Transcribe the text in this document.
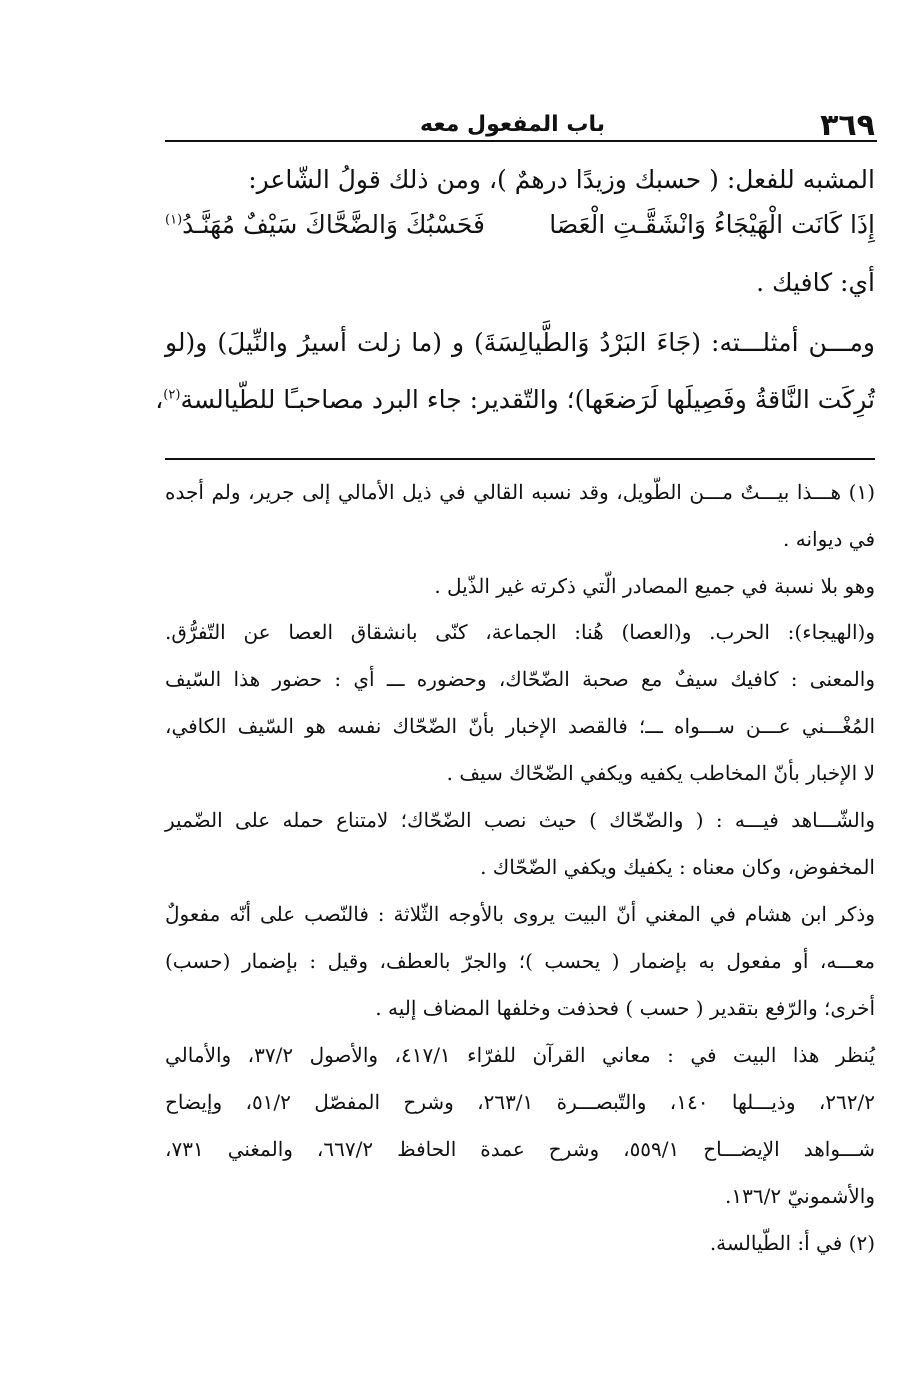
٣٦٩
باب المفعول معه
المشبه للفعل: ( حسبك وزيدًا درهمٌ )، ومن ذلك قولُ الشّاعر:
إِذَا كَانَت الْهَيْجَاءُ وَانْشَقَّـتِ الْعَصَا
فَحَسْبُكَ وَالضَّحَّاكَ سَيْفٌ مُهَنَّـدُ$^{(١)}$
أي: كافيك .
ومـــن أمثلـــته: (جَاءَ البَرْدُ وَالطَّيالِسَةَ) و (ما زلت أسيرُ والنِّيلَ) و(لو
تُرِكَت النَّاقةُ وفَصِيلَها لَرَضعَها)؛ والتّقدير: جاء البرد مصاحبـًا للطّيالسة$^{(٢)}$،
(١) هـــذا بيـــتٌ مـــن الطّويل، وقد نسبه القالي في ذيل الأمالي إلى جرير، ولم أجده
في ديوانه .
وهو بلا نسبة في جميع المصادر الّتي ذكرته غير الذّيل .
و(الهيجاء): الحرب. و(العصا) هُنا: الجماعة، كنّى بانشقاق العصا عن التّفرُّق.
والمعنى : كافيك سيفٌ مع صحبة الضّحّاك، وحضوره ـــ أي : حضور هذا السّيف
المُغْـــني عـــن ســـواه ـــ؛ فالقصد الإخبار بأنّ الضّحّاك نفسه هو السّيف الكافي،
لا الإخبار بأنّ المخاطب يكفيه ويكفي الضّحّاك سيف .
والشّـــاهد فيـــه : ( والضّحّاك ) حيث نصب الضّحّاك؛ لامتناع حمله على الضّمير
المخفوض، وكان معناه : يكفيك ويكفي الضّحّاك .
وذكر ابن هشام في المغني أنّ البيت يروى بالأوجه الثّلاثة : فالنّصب على أنّه مفعولٌ
معـــه، أو مفعول به بإضمار ( يحسب )؛ والجرّ بالعطف، وقيل : بإضمار (حسب)
أخرى؛ والرّفع بتقدير ( حسب ) فحذفت وخلفها المضاف إليه .
يُنظر هذا البيت في : معاني القرآن للفرّاء ٤١٧/١، والأصول ٣٧/٢، والأمالي
٢٦٢/٢، وذيـــلها ١٤٠، والتّبصـــرة ٢٦٣/١، وشرح المفصّل ٥١/٢، وإيضاح
شـــواهد الإيضـــاح ٥٥٩/١، وشرح عمدة الحافظ ٦٦٧/٢، والمغني ٧٣١،
والأشمونيّ ١٣٦/٢.
(٢) في أ: الطّيالسة.
